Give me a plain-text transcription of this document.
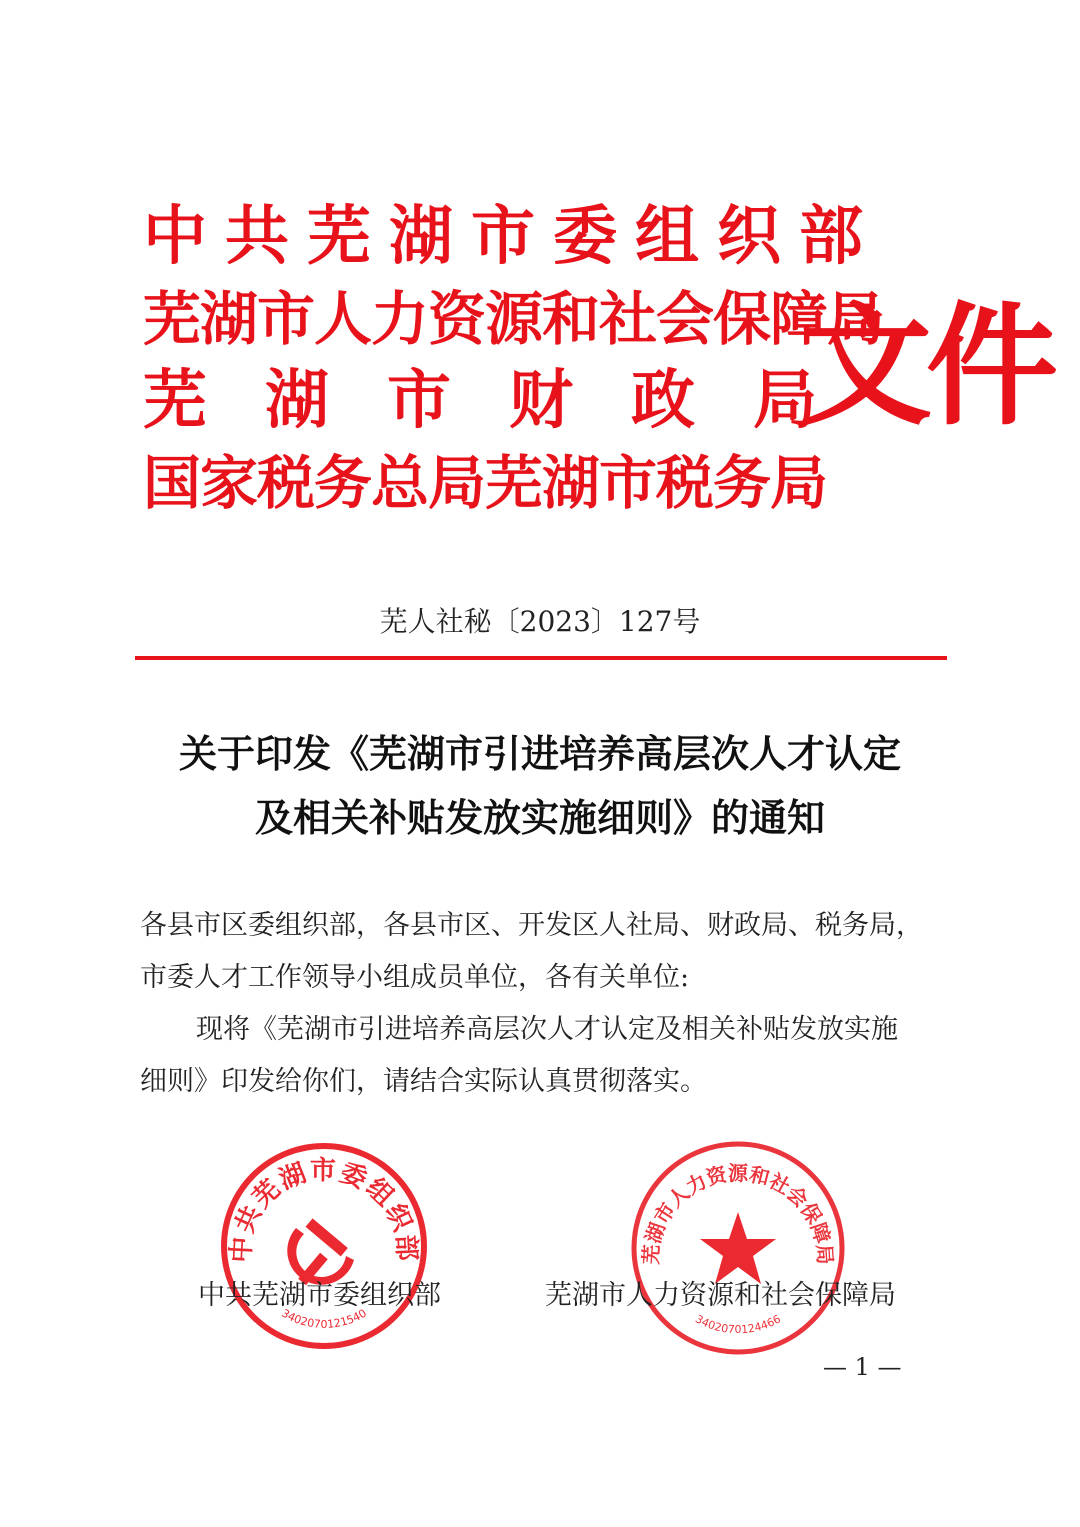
中共芜湖市委组织部
芜湖市人力资源和社会保障局
芜湖市财政局
国家税务总局芜湖市税务局
文件
芜人社秘〔2023〕127号
关于印发《芜湖市引进培养高层次人才认定
及相关补贴发放实施细则》的通知

各县市区委组织部，各县市区、开发区人社局、财政局、税务局，

市委人才工作领导小组成员单位，各有关单位:

现将《芜湖市引进培养高层次人才认定及相关补贴发放实施

细则》印发给你们，请结合实际认真贯彻落实。

中共芜湖市委组织部
3402070121540
芜湖市人力资源和社会保障局
3402070124466
中共芜湖市委组织部	芜湖市人力资源和社会保障局
— 1 —
